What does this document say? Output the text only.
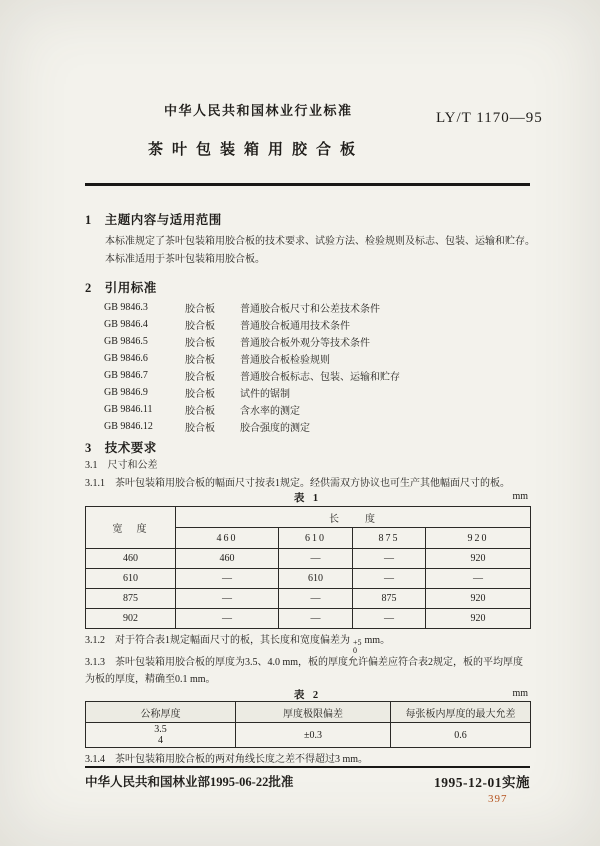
中华人民共和国林业行业标准	LY/T 1170—95
茶叶包装箱用胶合板
1　主题内容与适用范围
本标准规定了茶叶包装箱用胶合板的技术要求、试验方法、检验规则及标志、包装、运输和贮存。
本标准适用于茶叶包装箱用胶合板。
2　引用标准
GB 9846.3	胶合板	普通胶合板尺寸和公差技术条件
GB 9846.4	胶合板	普通胶合板通用技术条件
GB 9846.5	胶合板	普通胶合板外观分等技术条件
GB 9846.6	胶合板	普通胶合板检验规则
GB 9846.7	胶合板	普通胶合板标志、包装、运输和贮存
GB 9846.9	胶合板	试件的锯制
GB 9846.11	胶合板	含水率的测定
GB 9846.12	胶合板	胶合强度的测定
3　技术要求
3.1　尺寸和公差
3.1.1　茶叶包装箱用胶合板的幅面尺寸按表1规定。经供需双方协议也可生产其他幅面尺寸的板。
表 1	mm
宽　度	长　　度			
	460	610	875	920
460	460	—	—	920
610	—	610	—	—
875	—	—	875	920
902	—	—	—	920
3.1.2　对于符合表1规定幅面尺寸的板，其长度和宽度偏差为 +5
0
mm。
3.1.3　茶叶包装箱用胶合板的厚度为3.5、4.0 mm，板的厚度允许偏差应符合表2规定，板的平均厚度为板的厚度，精确至0.1 mm。
表 2	mm
公称厚度	厚度极限偏差	每张板内厚度的最大允差

3.5
4	±0.3	0.6
3.1.4　茶叶包装箱用胶合板的两对角线长度之差不得超过3 mm。
中华人民共和国林业部1995-06-22批准	1995-12-01实施
397
